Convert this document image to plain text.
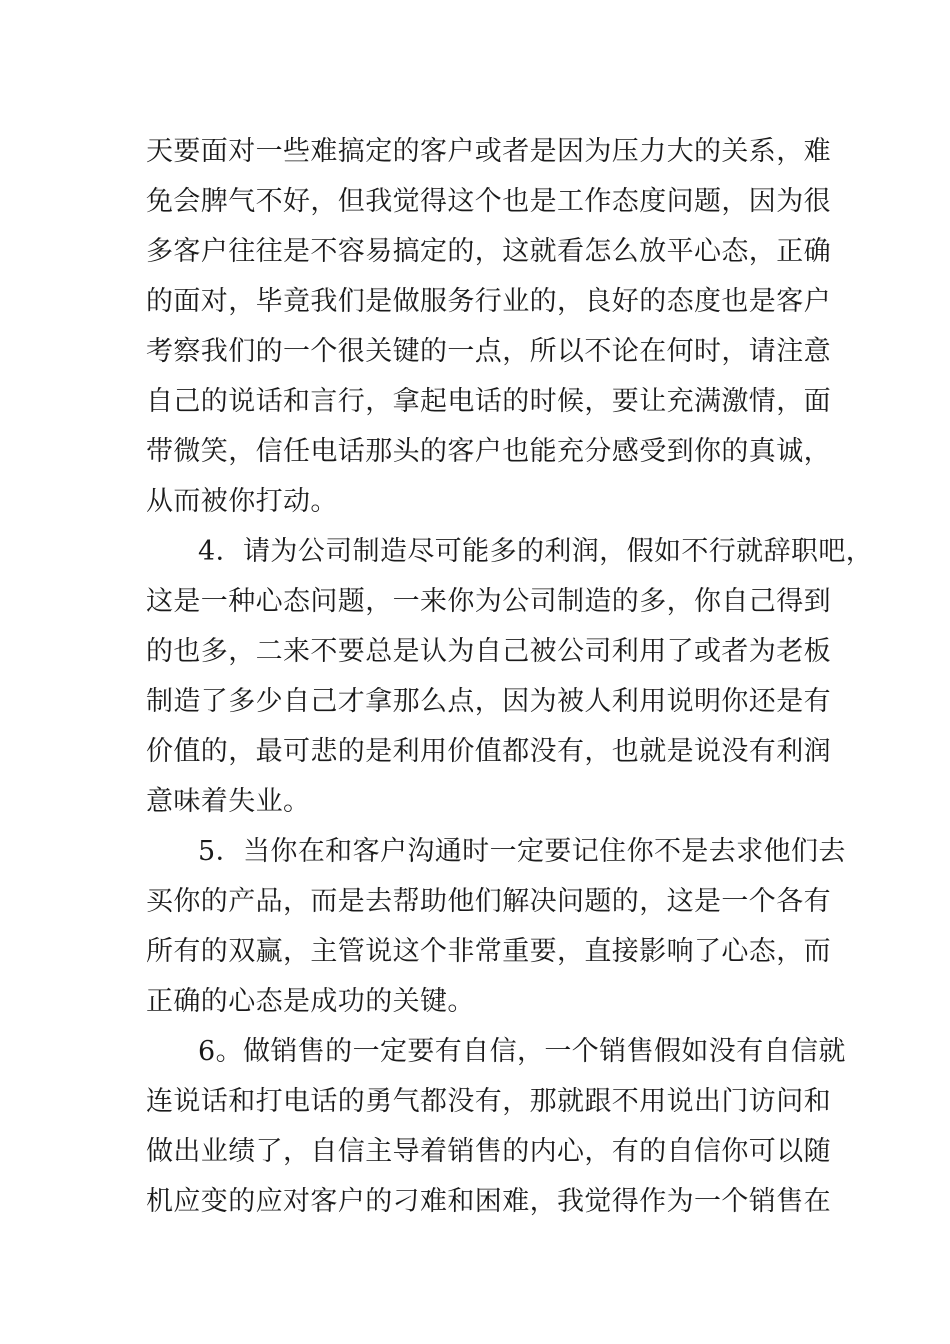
天要面对一些难搞定的客户或者是因为压力大的关系，难
免会脾气不好，但我觉得这个也是工作态度问题，因为很
多客户往往是不容易搞定的，这就看怎么放平心态，正确
的面对，毕竟我们是做服务行业的，良好的态度也是客户
考察我们的一个很关键的一点，所以不论在何时，请注意
自己的说话和言行，拿起电话的时候，要让充满激情，面
带微笑，信任电话那头的客户也能充分感受到你的真诚，
从而被你打动。
4．请为公司制造尽可能多的利润，假如不行就辞职吧，
这是一种心态问题，一来你为公司制造的多，你自己得到
的也多，二来不要总是认为自己被公司利用了或者为老板
制造了多少自己才拿那么点，因为被人利用说明你还是有
价值的，最可悲的是利用价值都没有，也就是说没有利润
意味着失业。
5．当你在和客户沟通时一定要记住你不是去求他们去
买你的产品，而是去帮助他们解决问题的，这是一个各有
所有的双赢，主管说这个非常重要，直接影响了心态，而
正确的心态是成功的关键。
6。做销售的一定要有自信，一个销售假如没有自信就
连说话和打电话的勇气都没有，那就跟不用说出门访问和
做出业绩了，自信主导着销售的内心，有的自信你可以随
机应变的应对客户的刁难和困难，我觉得作为一个销售在
